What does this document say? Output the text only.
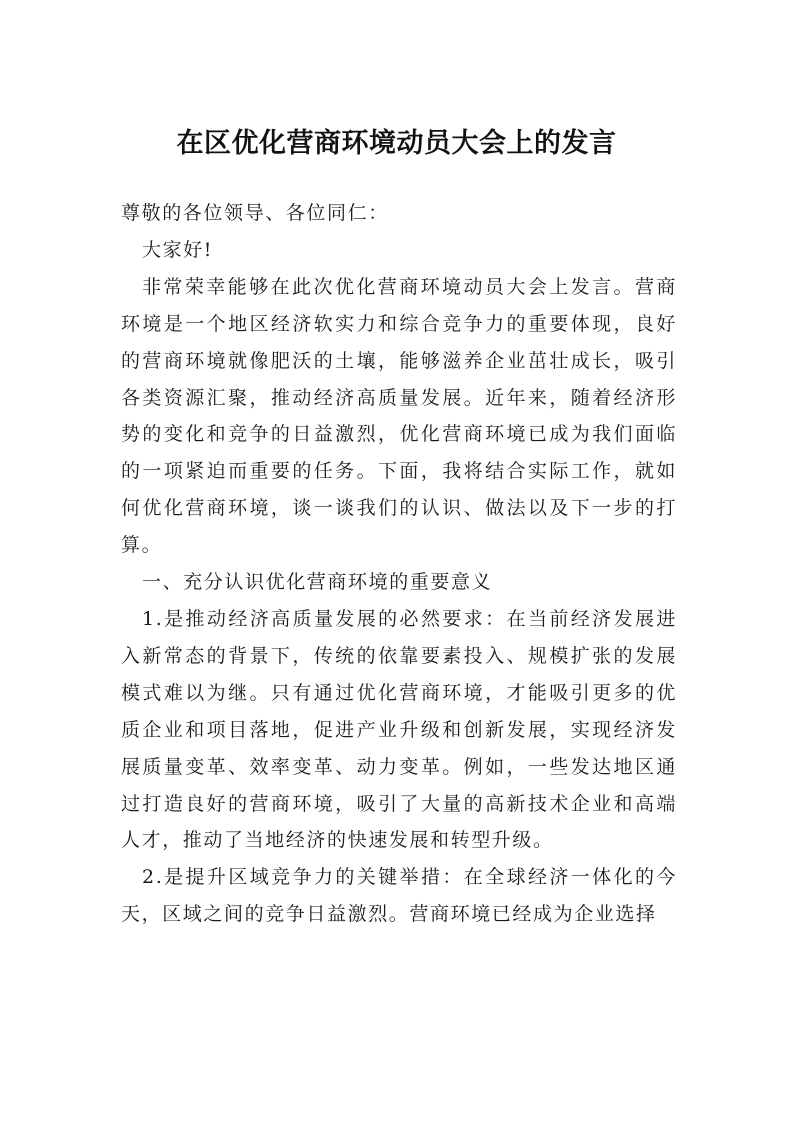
在区优化营商环境动员大会上的发言

尊敬的各位领导、各位同仁：

大家好!

非常荣幸能够在此次优化营商环境动员大会上发言。营商环境是一个地区经济软实力和综合竞争力的重要体现，良好的营商环境就像肥沃的土壤，能够滋养企业茁壮成长，吸引各类资源汇聚，推动经济高质量发展。近年来，随着经济形势的变化和竞争的日益激烈，优化营商环境已成为我们面临的一项紧迫而重要的任务。下面，我将结合实际工作，就如何优化营商环境，谈一谈我们的认识、做法以及下一步的打算。

一、充分认识优化营商环境的重要意义

1.是推动经济高质量发展的必然要求：在当前经济发展进入新常态的背景下，传统的依靠要素投入、规模扩张的发展模式难以为继。只有通过优化营商环境，才能吸引更多的优质企业和项目落地，促进产业升级和创新发展，实现经济发展质量变革、效率变革、动力变革。例如，一些发达地区通过打造良好的营商环境，吸引了大量的高新技术企业和高端人才，推动了当地经济的快速发展和转型升级。

2.是提升区域竞争力的关键举措：在全球经济一体化的今天，区域之间的竞争日益激烈。营商环境已经成为企业选择
